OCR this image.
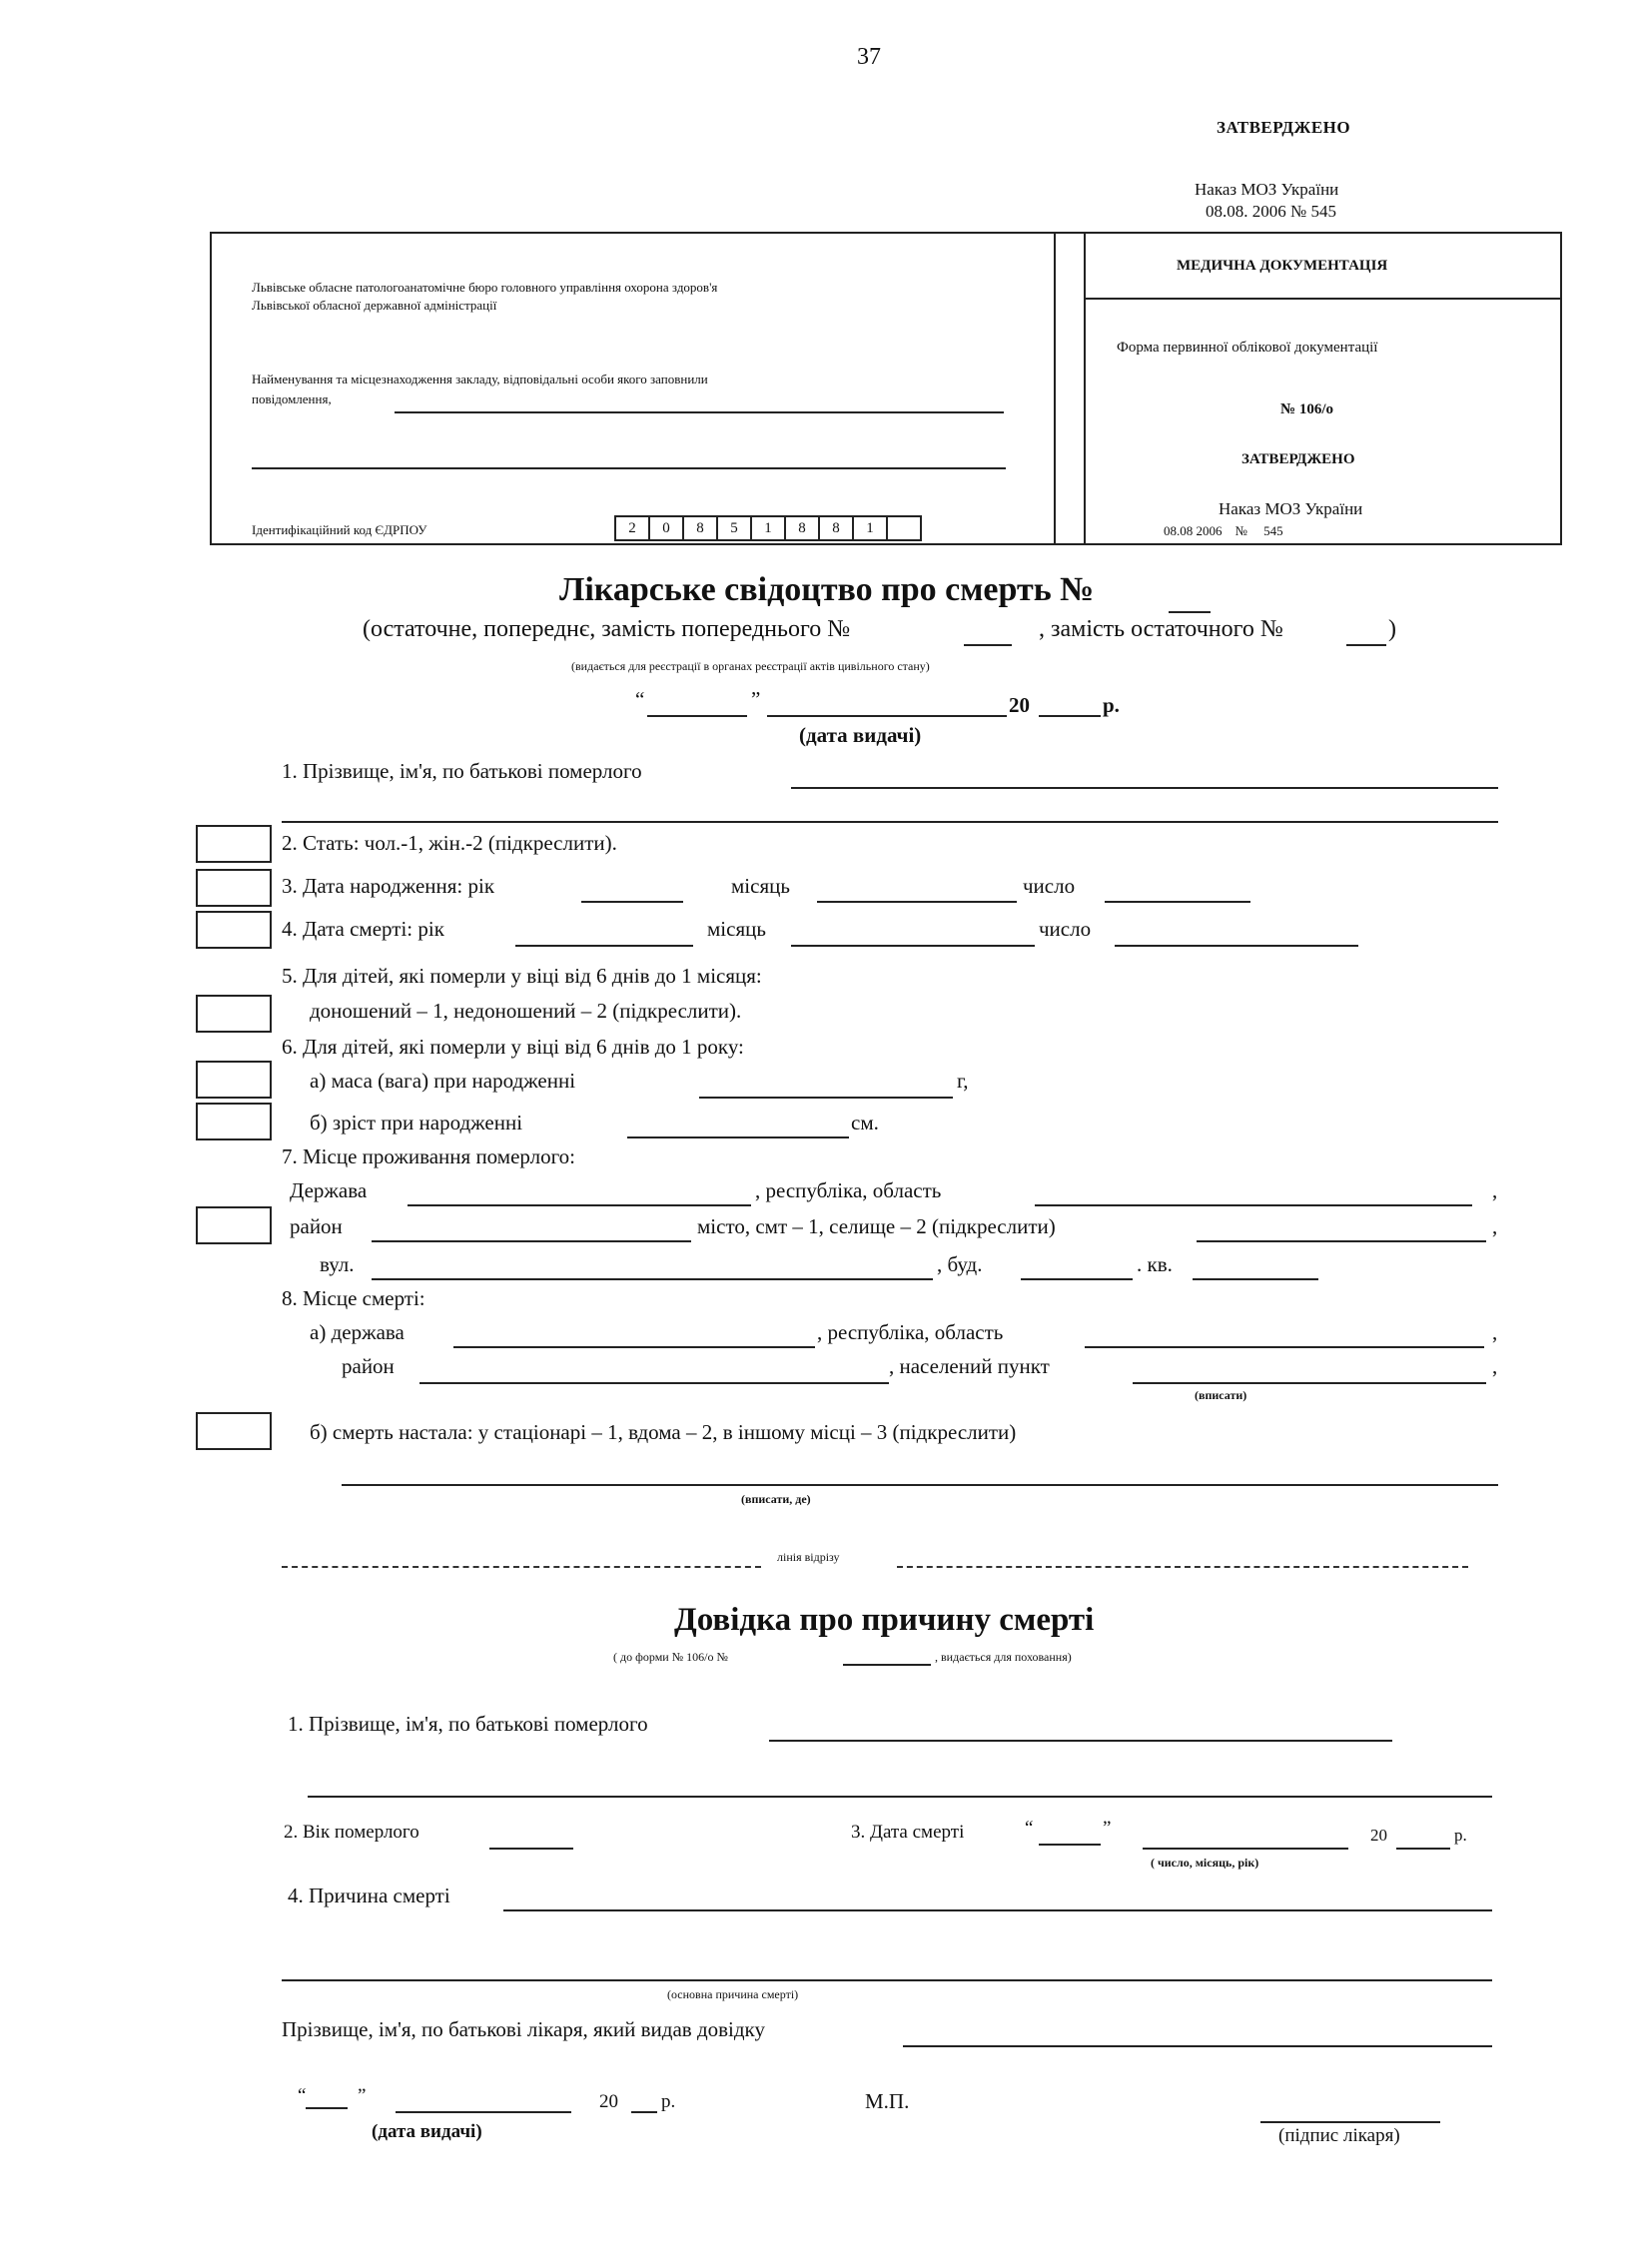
37
ЗАТВЕРДЖЕНО
Наказ МОЗ України
08.08. 2006 № 545
Львівське обласне патологоанатомічне бюро головного управління охорона здоров'я
Львівської обласної державної адміністрації
Найменування та місцезнаходження закладу, відповідальні особи якого заповнили
повідомлення,
Ідентифікаційний код ЄДРПОУ	2	0	8	5	1	8	8	1
МЕДИЧНА ДОКУМЕНТАЦІЯ
Форма первинної облікової документації
№ 106/о
ЗАТВЕРДЖЕНО
Наказ МОЗ України
08.08 2006    №     545
Лікарське свідоцтво про смерть №
(остаточне, попереднє, замість попереднього №	, замість остаточного №	)
(видається для реєстрації в органах реєстрації актів цивільного стану)
“	”	20	р.
(дата видачі)
1. Прізвище, ім'я, по батькові померлого
2. Стать: чол.-1, жін.-2 (підкреслити).
3. Дата народження: рік	місяць	число
4. Дата смерті: рік	місяць	число
5. Для дітей, які померли у віці від 6 днів до 1 місяця:
доношений – 1, недоношений – 2 (підкреслити).
6. Для дітей, які померли у віці від 6 днів до 1 року:
а) маса (вага) при народженні	г,
б) зріст при народженні	см.
7. Місце проживання померлого:
Держава	, республіка, область	,
район	місто, смт – 1, селище – 2 (підкреслити)	,
вул.	, буд.	. кв.
8. Місце смерті:
а) держава	, республіка, область	,
район	, населений пункт	,
(вписати)
б) смерть настала: у стаціонарі – 1, вдома – 2, в іншому місці – 3 (підкреслити)
(вписати, де)
лінія відрізу
Довідка про причину смерті
( до форми № 106/о №	, видається для поховання)
1. Прізвище, ім'я, по батькові померлого
2. Вік померлого	3. Дата смерті	“	”	20	р.
( число, місяць, рік)
4. Причина смерті
(основна причина смерті)
Прізвище, ім'я, по батькові лікаря, який видав довідку
“	”	20 р.	М.П.
(дата видачі)	(підпис лікаря)
